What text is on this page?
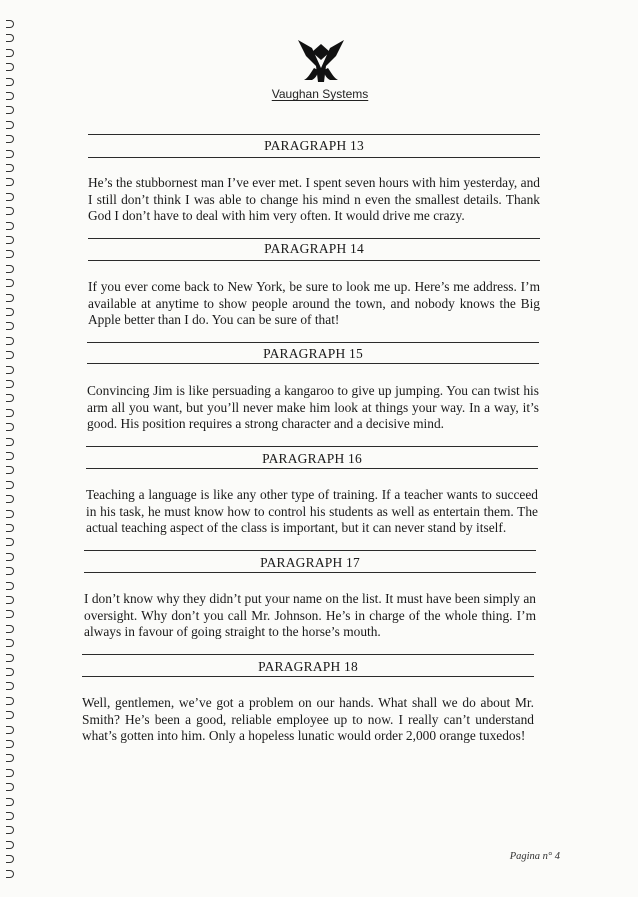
Vaughan Systems
PARAGRAPH 13
He’s the stubbornest man I’ve ever met. I spent seven hours with him yesterday, and I still don’t think I was able to change his mind n even the smallest details. Thank God I don’t have to deal with him very often. It would drive me crazy.
PARAGRAPH 14
If you ever come back to New York, be sure to look me up. Here’s me address. I’m available at anytime to show people around the town, and nobody knows the Big Apple better than I do. You can be sure of that!
PARAGRAPH 15
Convincing Jim is like persuading a kangaroo to give up jumping. You can twist his arm all you want, but you’ll never make him look at things your way. In a way, it’s good. His position requires a strong character and a decisive mind.
PARAGRAPH 16
Teaching a language is like any other type of training. If a teacher wants to succeed in his task, he must know how to control his students as well as entertain them. The actual teaching aspect of the class is important, but it can never stand by itself.
PARAGRAPH 17
I don’t know why they didn’t put your name on the list. It must have been simply an oversight. Why don’t you call Mr. Johnson. He’s in charge of the whole thing. I’m always in favour of going straight to the horse’s mouth.
PARAGRAPH 18
Well, gentlemen, we’ve got a problem on our hands. What shall we do about Mr. Smith? He’s been a good, reliable employee up to now. I really can’t understand what’s gotten into him. Only a hopeless lunatic would order 2,000 orange tuxedos!
Pagina n° 4
